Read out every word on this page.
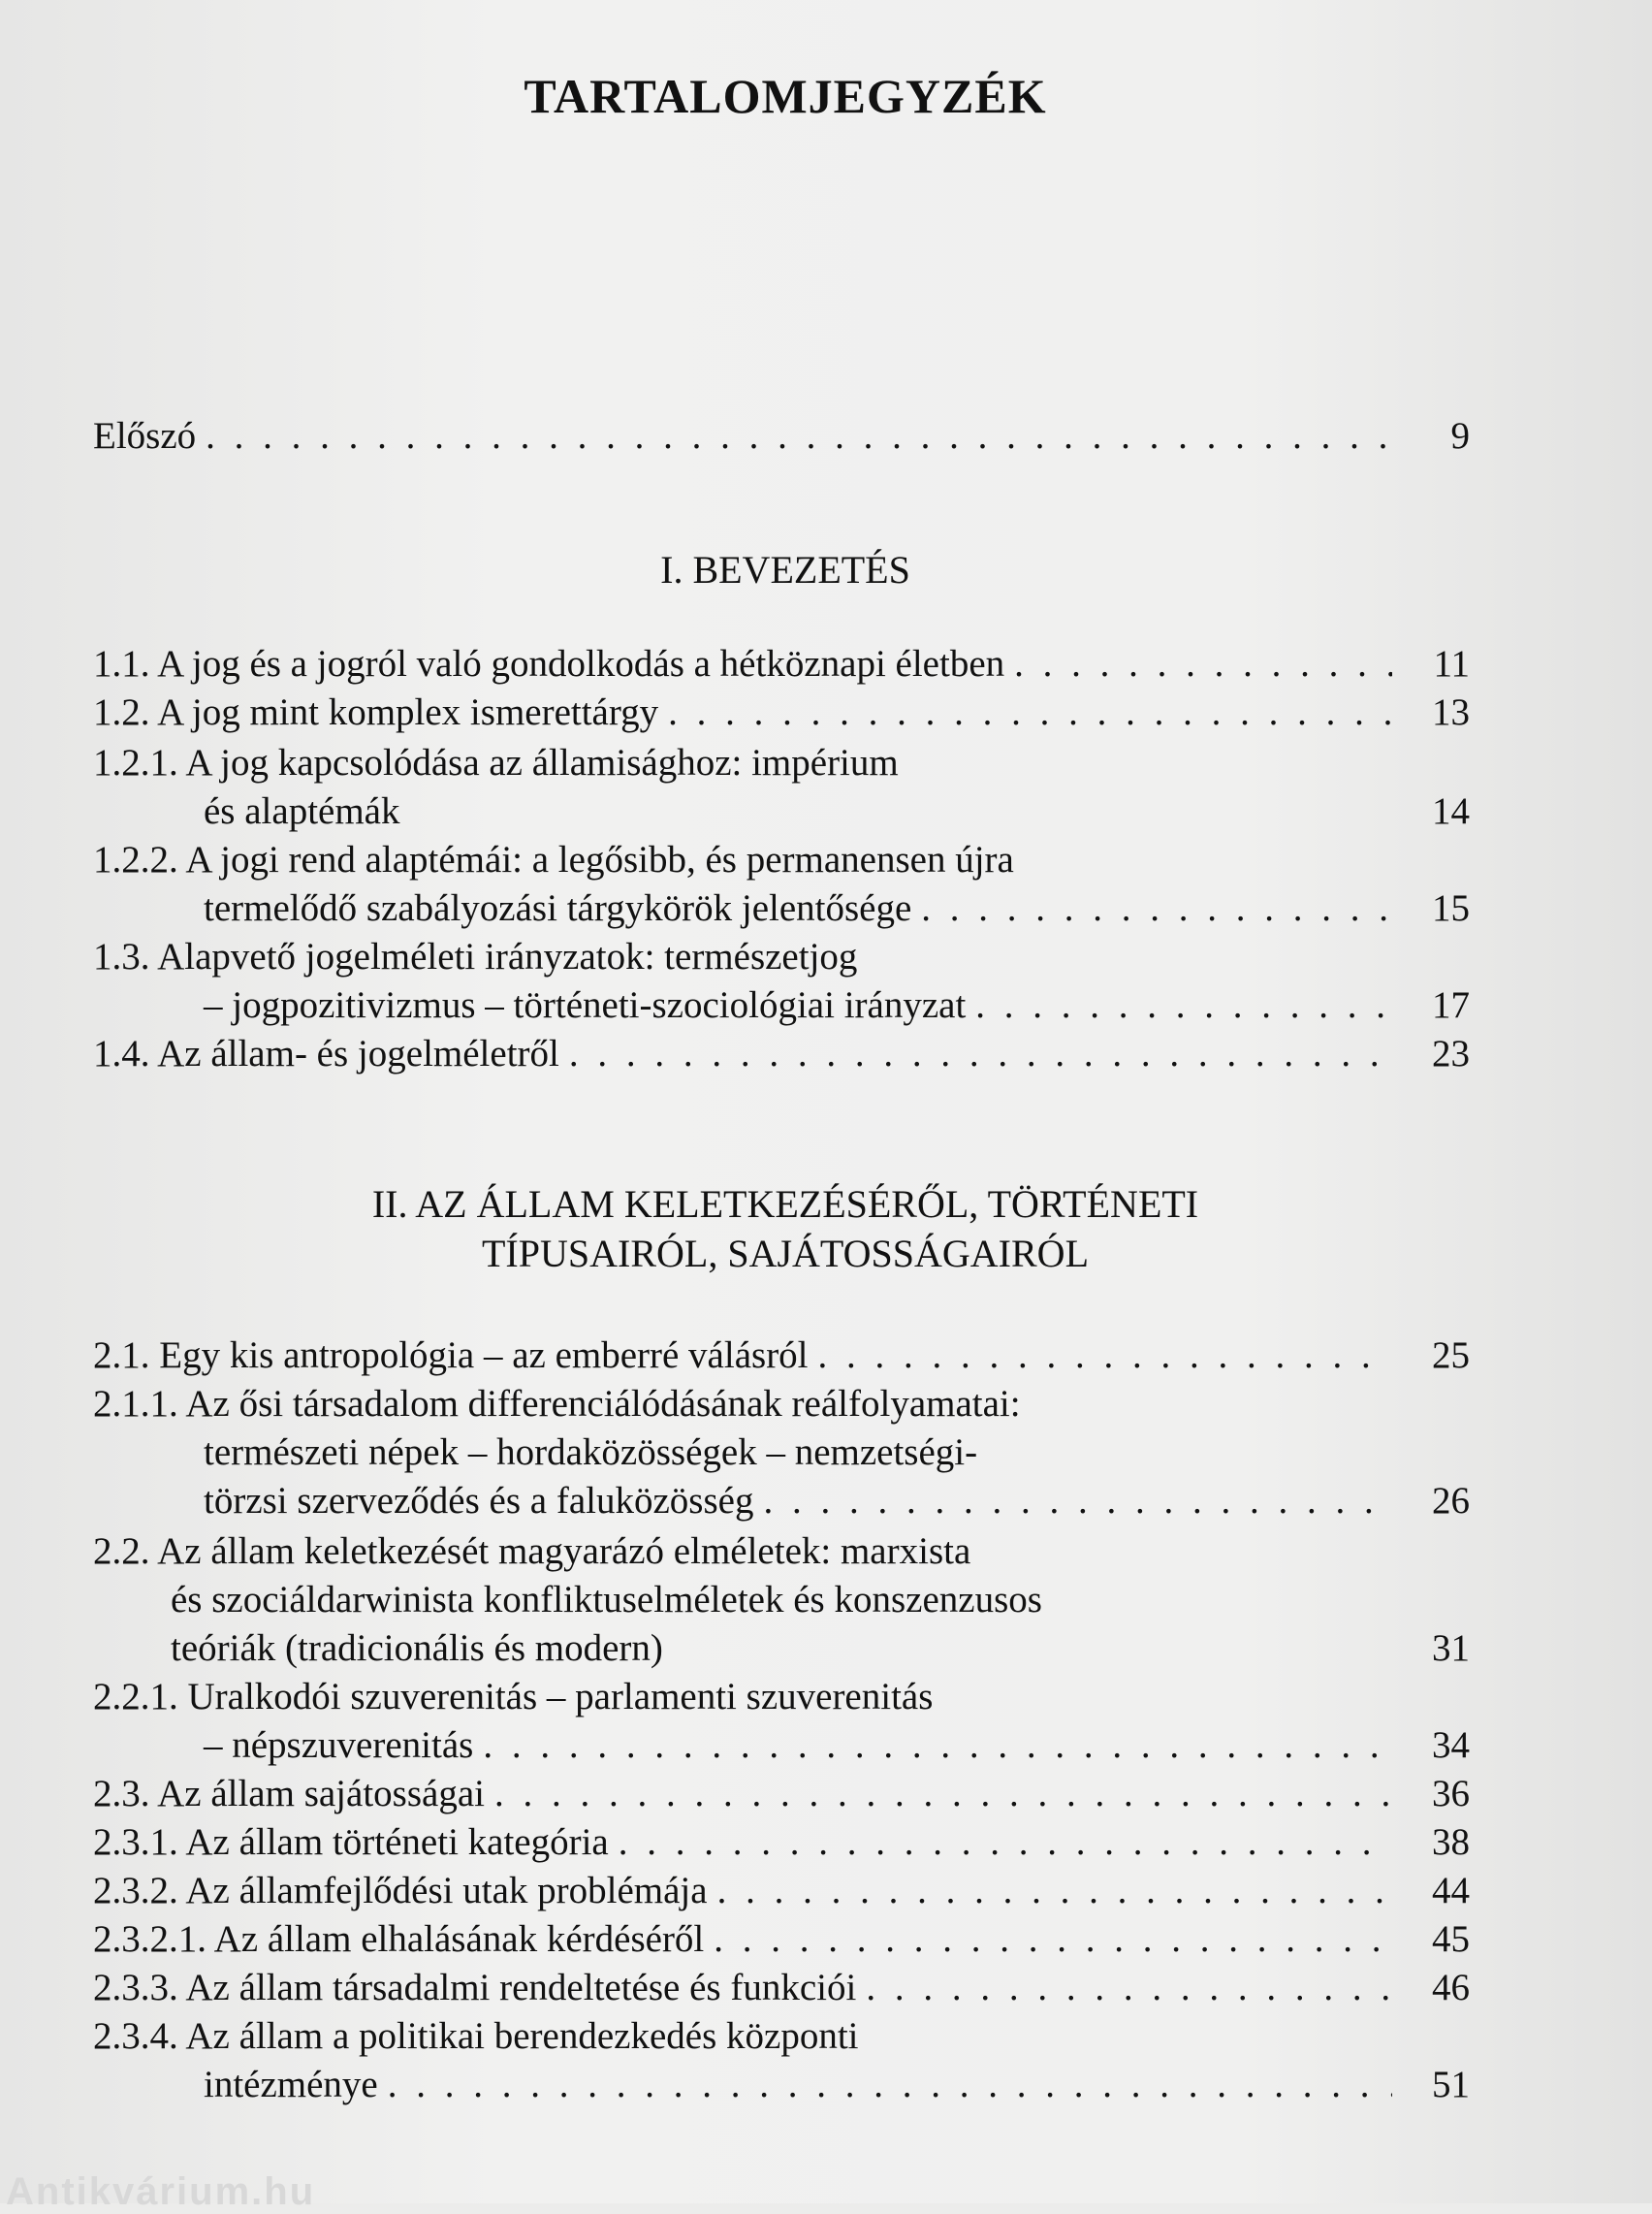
TARTALOMJEGYZÉK
Előszó . . .	9
I. BEVEZETÉS
1.1. A jog és a jogról való gondolkodás a hétköznapi életben . . .	11
1.2. A jog mint komplex ismerettárgy . . .	13
1.2.1. A jog kapcsolódása az államisághoz: impérium
és alaptémák	14
1.2.2. A jogi rend alaptémái: a legősibb, és permanensen újra
termelődő szabályozási tárgykörök jelentősége . . .	15
1.3. Alapvető jogelméleti irányzatok: természetjog
– jogpozitivizmus – történeti-szociológiai irányzat . . .	17
1.4. Az állam- és jogelméletről . . .	23
II. AZ ÁLLAM KELETKEZÉSÉRŐL, TÖRTÉNETI
TÍPUSAIRÓL, SAJÁTOSSÁGAIRÓL
2.1. Egy kis antropológia – az emberré válásról . . .	25
2.1.1. Az ősi társadalom differenciálódásának reálfolyamatai:
természeti népek – hordaközösségek – nemzetségi-
törzsi szerveződés és a faluközösség . . .	26
2.2. Az állam keletkezését magyarázó elméletek: marxista
és szociáldarwinista konfliktuselméletek és konszenzusos
teóriák (tradicionális és modern)	31
2.2.1. Uralkodói szuverenitás – parlamenti szuverenitás
– népszuverenitás . . .	34
2.3. Az állam sajátosságai . . .	36
2.3.1. Az állam történeti kategória . . .	38
2.3.2. Az államfejlődési utak problémája . . .	44
2.3.2.1. Az állam elhalásának kérdéséről . . .	45
2.3.3. Az állam társadalmi rendeltetése és funkciói . . .	46
2.3.4. Az állam a politikai berendezkedés központi
intézménye . . .	51
Antikvárium.hu
